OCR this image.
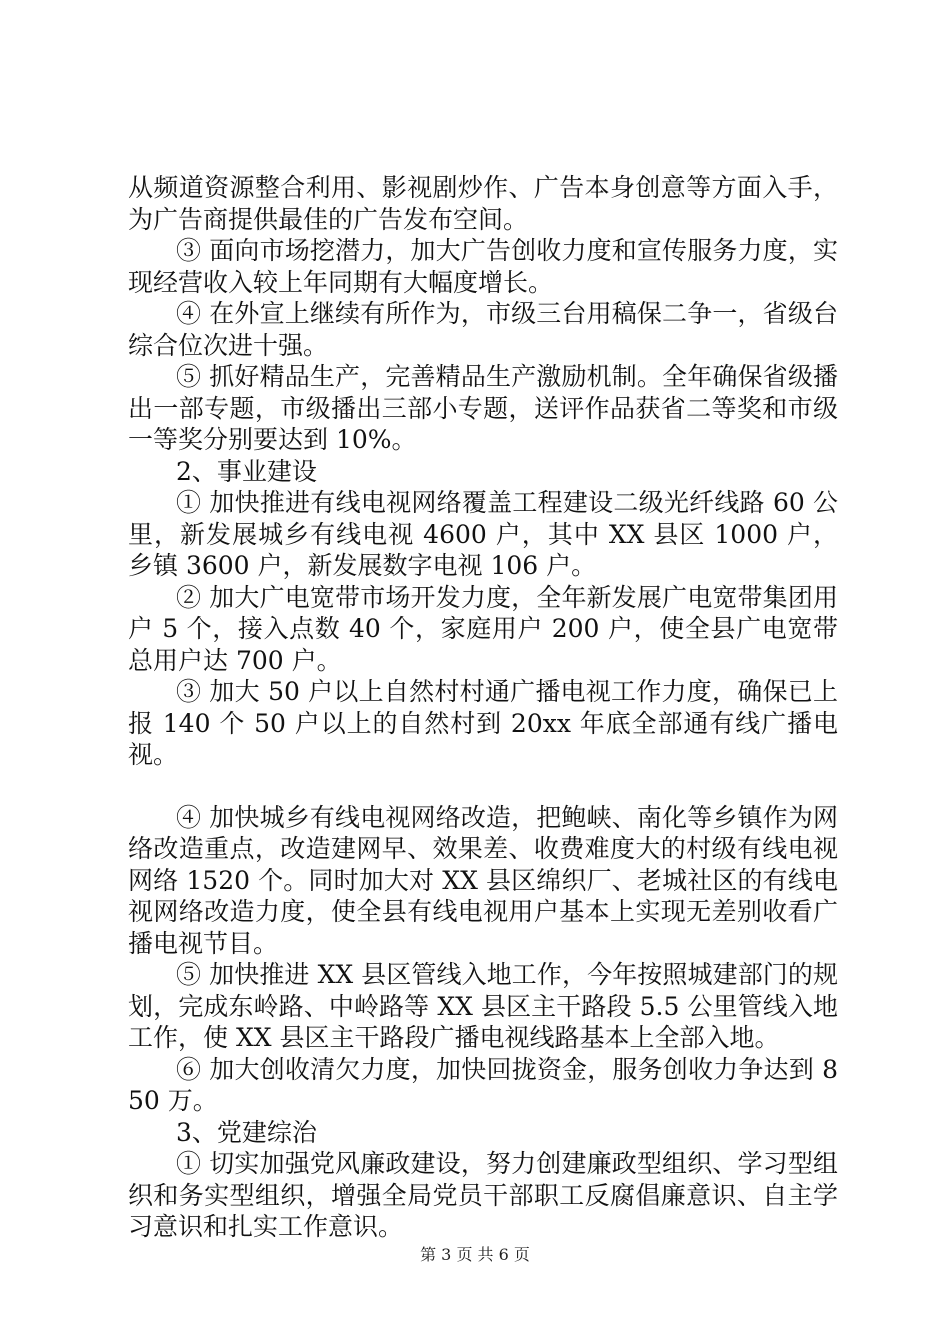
从频道资源整合利用、影视剧炒作、广告本身创意等方面入手，为广告商提供最佳的广告发布空间。

③ 面向市场挖潜力，加大广告创收力度和宣传服务力度，实现经营收入较上年同期有大幅度增长。

④ 在外宣上继续有所作为，市级三台用稿保二争一，省级台综合位次进十强。

⑤ 抓好精品生产，完善精品生产激励机制。全年确保省级播出一部专题，市级播出三部小专题，送评作品获省二等奖和市级一等奖分别要达到 10%。

2、事业建设

① 加快推进有线电视网络覆盖工程建设二级光纤线路 60 公里，新发展城乡有线电视 4600 户，其中 XX 县区 1000 户，乡镇 3600 户，新发展数字电视 106 户。

② 加大广电宽带市场开发力度，全年新发展广电宽带集团用户 5 个，接入点数 40 个，家庭用户 200 户，使全县广电宽带总用户达 700 户。

③ 加大 50 户以上自然村村通广播电视工作力度，确保已上报 140 个 50 户以上的自然村到 20xx 年底全部通有线广播电视。

④ 加快城乡有线电视网络改造，把鲍峡、南化等乡镇作为网络改造重点，改造建网早、效果差、收费难度大的村级有线电视网络 1520 个。同时加大对 XX 县区绵织厂、老城社区的有线电视网络改造力度，使全县有线电视用户基本上实现无差别收看广播电视节目。

⑤ 加快推进 XX 县区管线入地工作，今年按照城建部门的规划，完成东岭路、中岭路等 XX 县区主干路段 5.5 公里管线入地工作，使 XX 县区主干路段广播电视线路基本上全部入地。

⑥ 加大创收清欠力度，加快回拢资金，服务创收力争达到 850 万。

3、党建综治

① 切实加强党风廉政建设，努力创建廉政型组织、学习型组织和务实型组织，增强全局党员干部职工反腐倡廉意识、自主学习意识和扎实工作意识。

第 3 页 共 6 页
